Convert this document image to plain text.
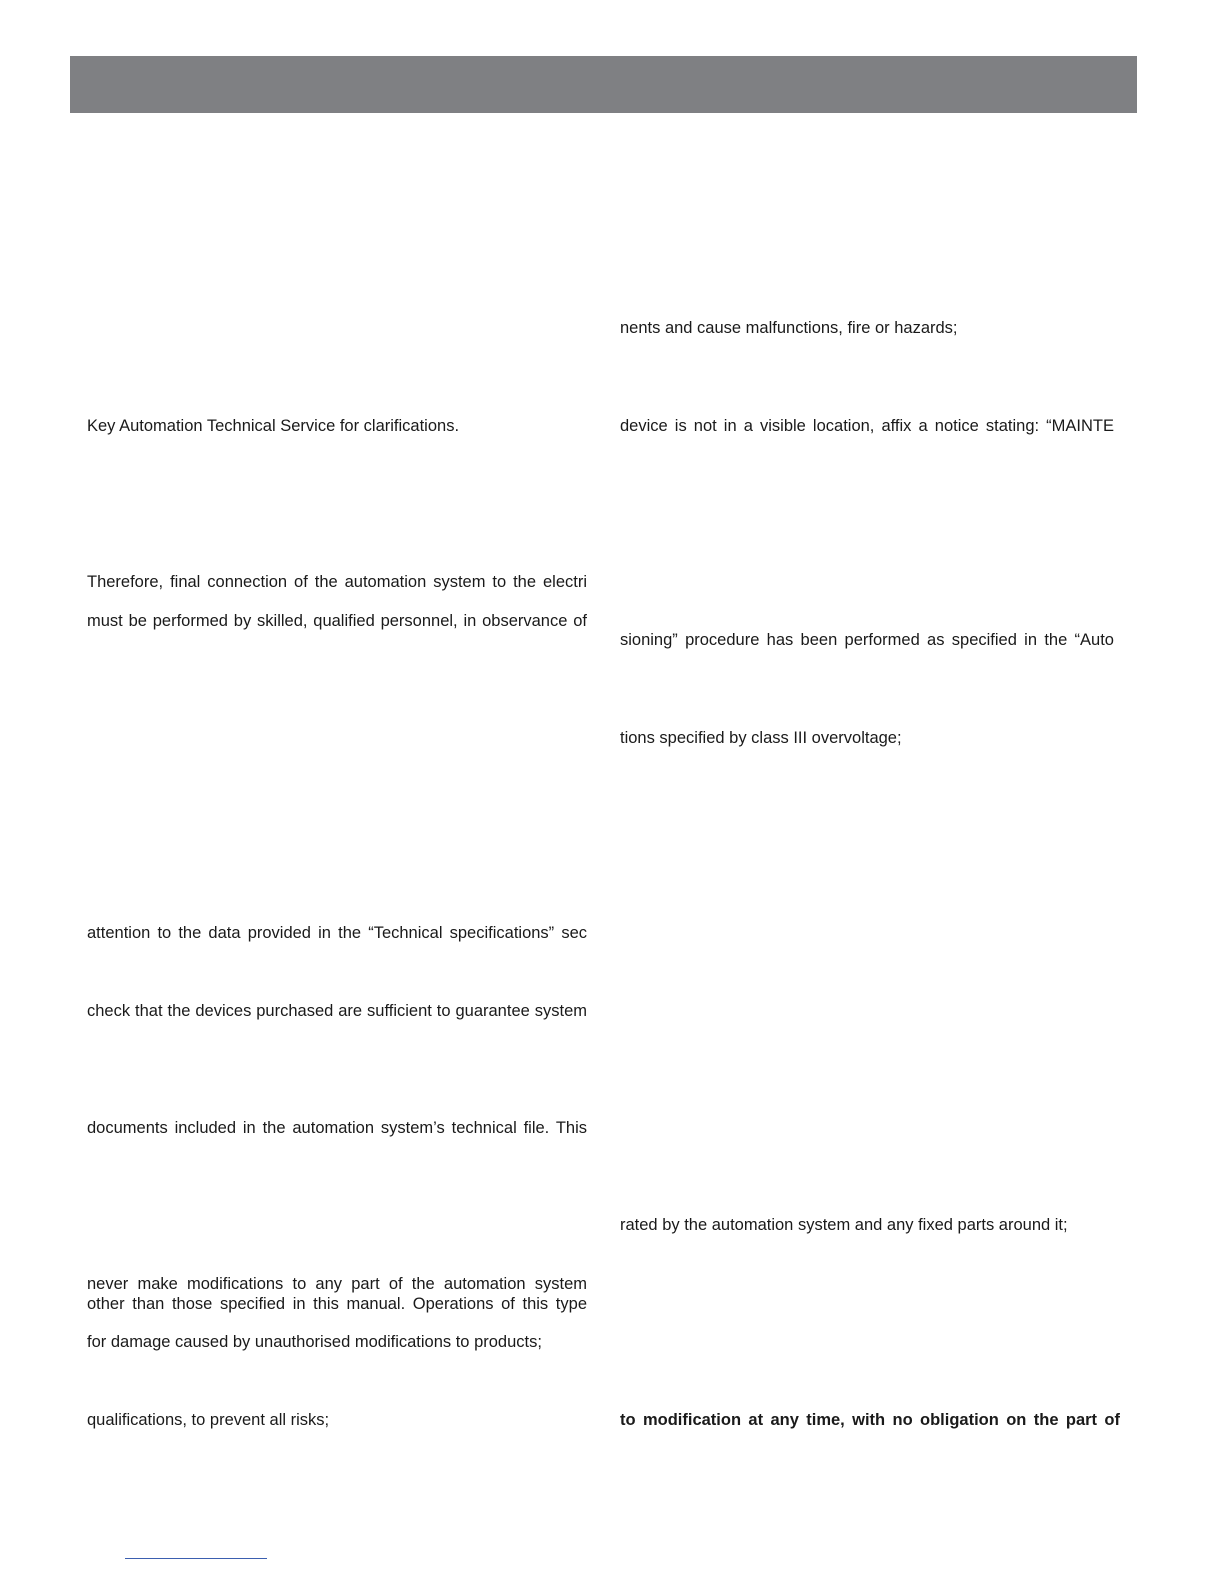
Key Automation Technical Service for clarifications.
Therefore, final connection of the automation system to the electri
must be performed by skilled, qualified personnel, in observance of
attention to the data provided in the “Technical specifications” sec
check that the devices purchased are sufficient to guarantee system
documents included in the automation system’s technical file. This
never make modifications to any part of the automation system
other than those specified in this manual. Operations of this type
for damage caused by unauthorised modifications to products;
qualifications, to prevent all risks;
nents and cause malfunctions, fire or hazards;
device is not in a visible location, affix a notice stating: “MAINTE
sioning” procedure has been performed as specified in the “Auto
tions specified by class III overvoltage;
rated by the automation system and any fixed parts around it;
to modification at any time, with no obligation on the part of
